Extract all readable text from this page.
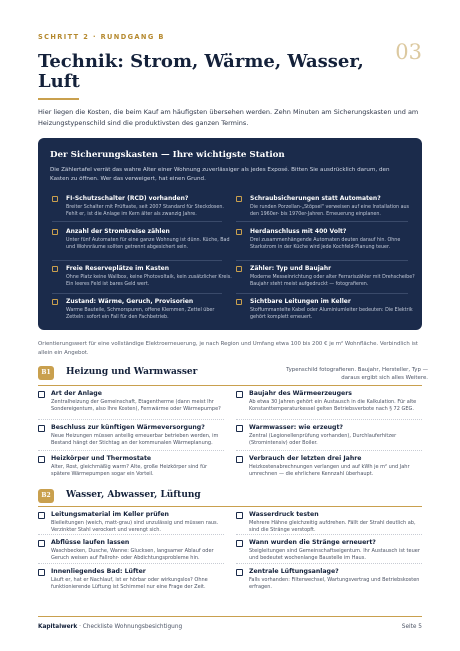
SCHRITT 2 · RUNDGANG B
03
Technik: Strom, Wärme, Wasser, Luft

Hier liegen die Kosten, die beim Kauf am häufigsten übersehen werden. Zehn Minuten am Sicherungskasten und am Heizungstypenschild sind die produktivsten des ganzen Termins.

Der Sicherungskasten — Ihre wichtigste Station
Die Zählertafel verrät das wahre Alter einer Wohnung zuverlässiger als jedes Exposé. Bitten Sie ausdrücklich darum, den Kasten zu öffnen. Wer das verweigert, hat einen Grund.
FI-Schutzschalter (RCD) vorhanden?
Breiter Schalter mit Prüftaste, seit 2007 Standard für Steckdosen. Fehlt er, ist die Anlage im Kern älter als zwanzig Jahre.
Schraubsicherungen statt Automaten?
Die runden Porzellan-„Stöpsel" verweisen auf eine Installation aus den 1960er- bis 1970er-Jahren. Erneuerung einplanen.
Anzahl der Stromkreise zählen
Unter fünf Automaten für eine ganze Wohnung ist dünn. Küche, Bad und Wohnräume sollten getrennt abgesichert sein.
Herdanschluss mit 400 Volt?
Drei zusammenhängende Automaten deuten darauf hin. Ohne Starkstrom in der Küche wird jede Kochfeld-Planung teuer.
Freie Reserveplätze im Kasten
Ohne Platz keine Wallbox, keine Photovoltaik, kein zusätzlicher Kreis. Ein leeres Feld ist bares Geld wert.
Zähler: Typ und Baujahr
Moderne Messeinrichtung oder alter Ferrariszähler mit Drehscheibe? Baujahr steht meist aufgedruckt — fotografieren.
Zustand: Wärme, Geruch, Provisorien
Warme Bauteile, Schmorspuren, offene Klemmen, Zettel über Zetteln: sofort ein Fall für den Fachbetrieb.
Sichtbare Leitungen im Keller
Stoffummantelte Kabel oder Aluminiumleiter bedeuten: Die Elektrik gehört komplett erneuert.

Orientierungswert für eine vollständige Elektroerneuerung, je nach Region und Umfang etwa 100 bis 200 € je m² Wohnfläche. Verbindlich ist allein ein Angebot.

B1	Heizung und Warmwasser	Typenschild fotografieren. Baujahr, Hersteller, Typ — daraus ergibt sich alles Weitere.
Art der Anlage
Zentralheizung der Gemeinschaft, Etagentherme (dann meist Ihr Sondereigentum, also Ihre Kosten), Fernwärme oder Wärmepumpe?
Baujahr des Wärmeerzeugers
Ab etwa 30 Jahren gehört ein Austausch in die Kalkulation. Für alte Konstanttemperaturkessel gelten Betriebsverbote nach § 72 GEG.
Beschluss zur künftigen Wärmeversorgung?
Neue Heizungen müssen anteilig erneuerbar betrieben werden, im Bestand hängt der Stichtag an der kommunalen Wärmeplanung.
Warmwasser: wie erzeugt?
Zentral (Legionellenprüfung vorhanden), Durchlauferhitzer (Stromintensiv) oder Boiler.
Heizkörper und Thermostate
Alter, Rost, gleichmäßig warm? Alte, große Heizkörper sind für spätere Wärmepumpen sogar ein Vorteil.
Verbrauch der letzten drei Jahre
Heizkostenabrechnungen verlangen und auf kWh je m² und Jahr umrechnen — die ehrlichere Kennzahl überhaupt.
B2	Wasser, Abwasser, Lüftung
Leitungsmaterial im Keller prüfen
Bleileitungen (weich, matt-grau) sind unzulässig und müssen raus. Verzinkter Stahl verockert und verengt sich.
Wasserdruck testen
Mehrere Hähne gleichzeitig aufdrehen. Fällt der Strahl deutlich ab, sind die Stränge verstopft.
Abflüsse laufen lassen
Waschbecken, Dusche, Wanne: Glucksen, langsamer Ablauf oder Geruch weisen auf Fallrohr- oder Abdichtungsprobleme hin.
Wann wurden die Stränge erneuert?
Steigleitungen sind Gemeinschaftseigentum. Ihr Austausch ist teuer und bedeutet wochenlange Baustelle im Haus.
Innenliegendes Bad: Lüfter
Läuft er, hat er Nachlauf, ist er hörbar oder wirkungslos? Ohne funktionierende Lüftung ist Schimmel nur eine Frage der Zeit.
Zentrale Lüftungsanlage?
Falls vorhanden: Filterwechsel, Wartungsvertrag und Betriebskosten erfragen.
Kapitalwerk · Checkliste Wohnungsbesichtigung	Seite 5
